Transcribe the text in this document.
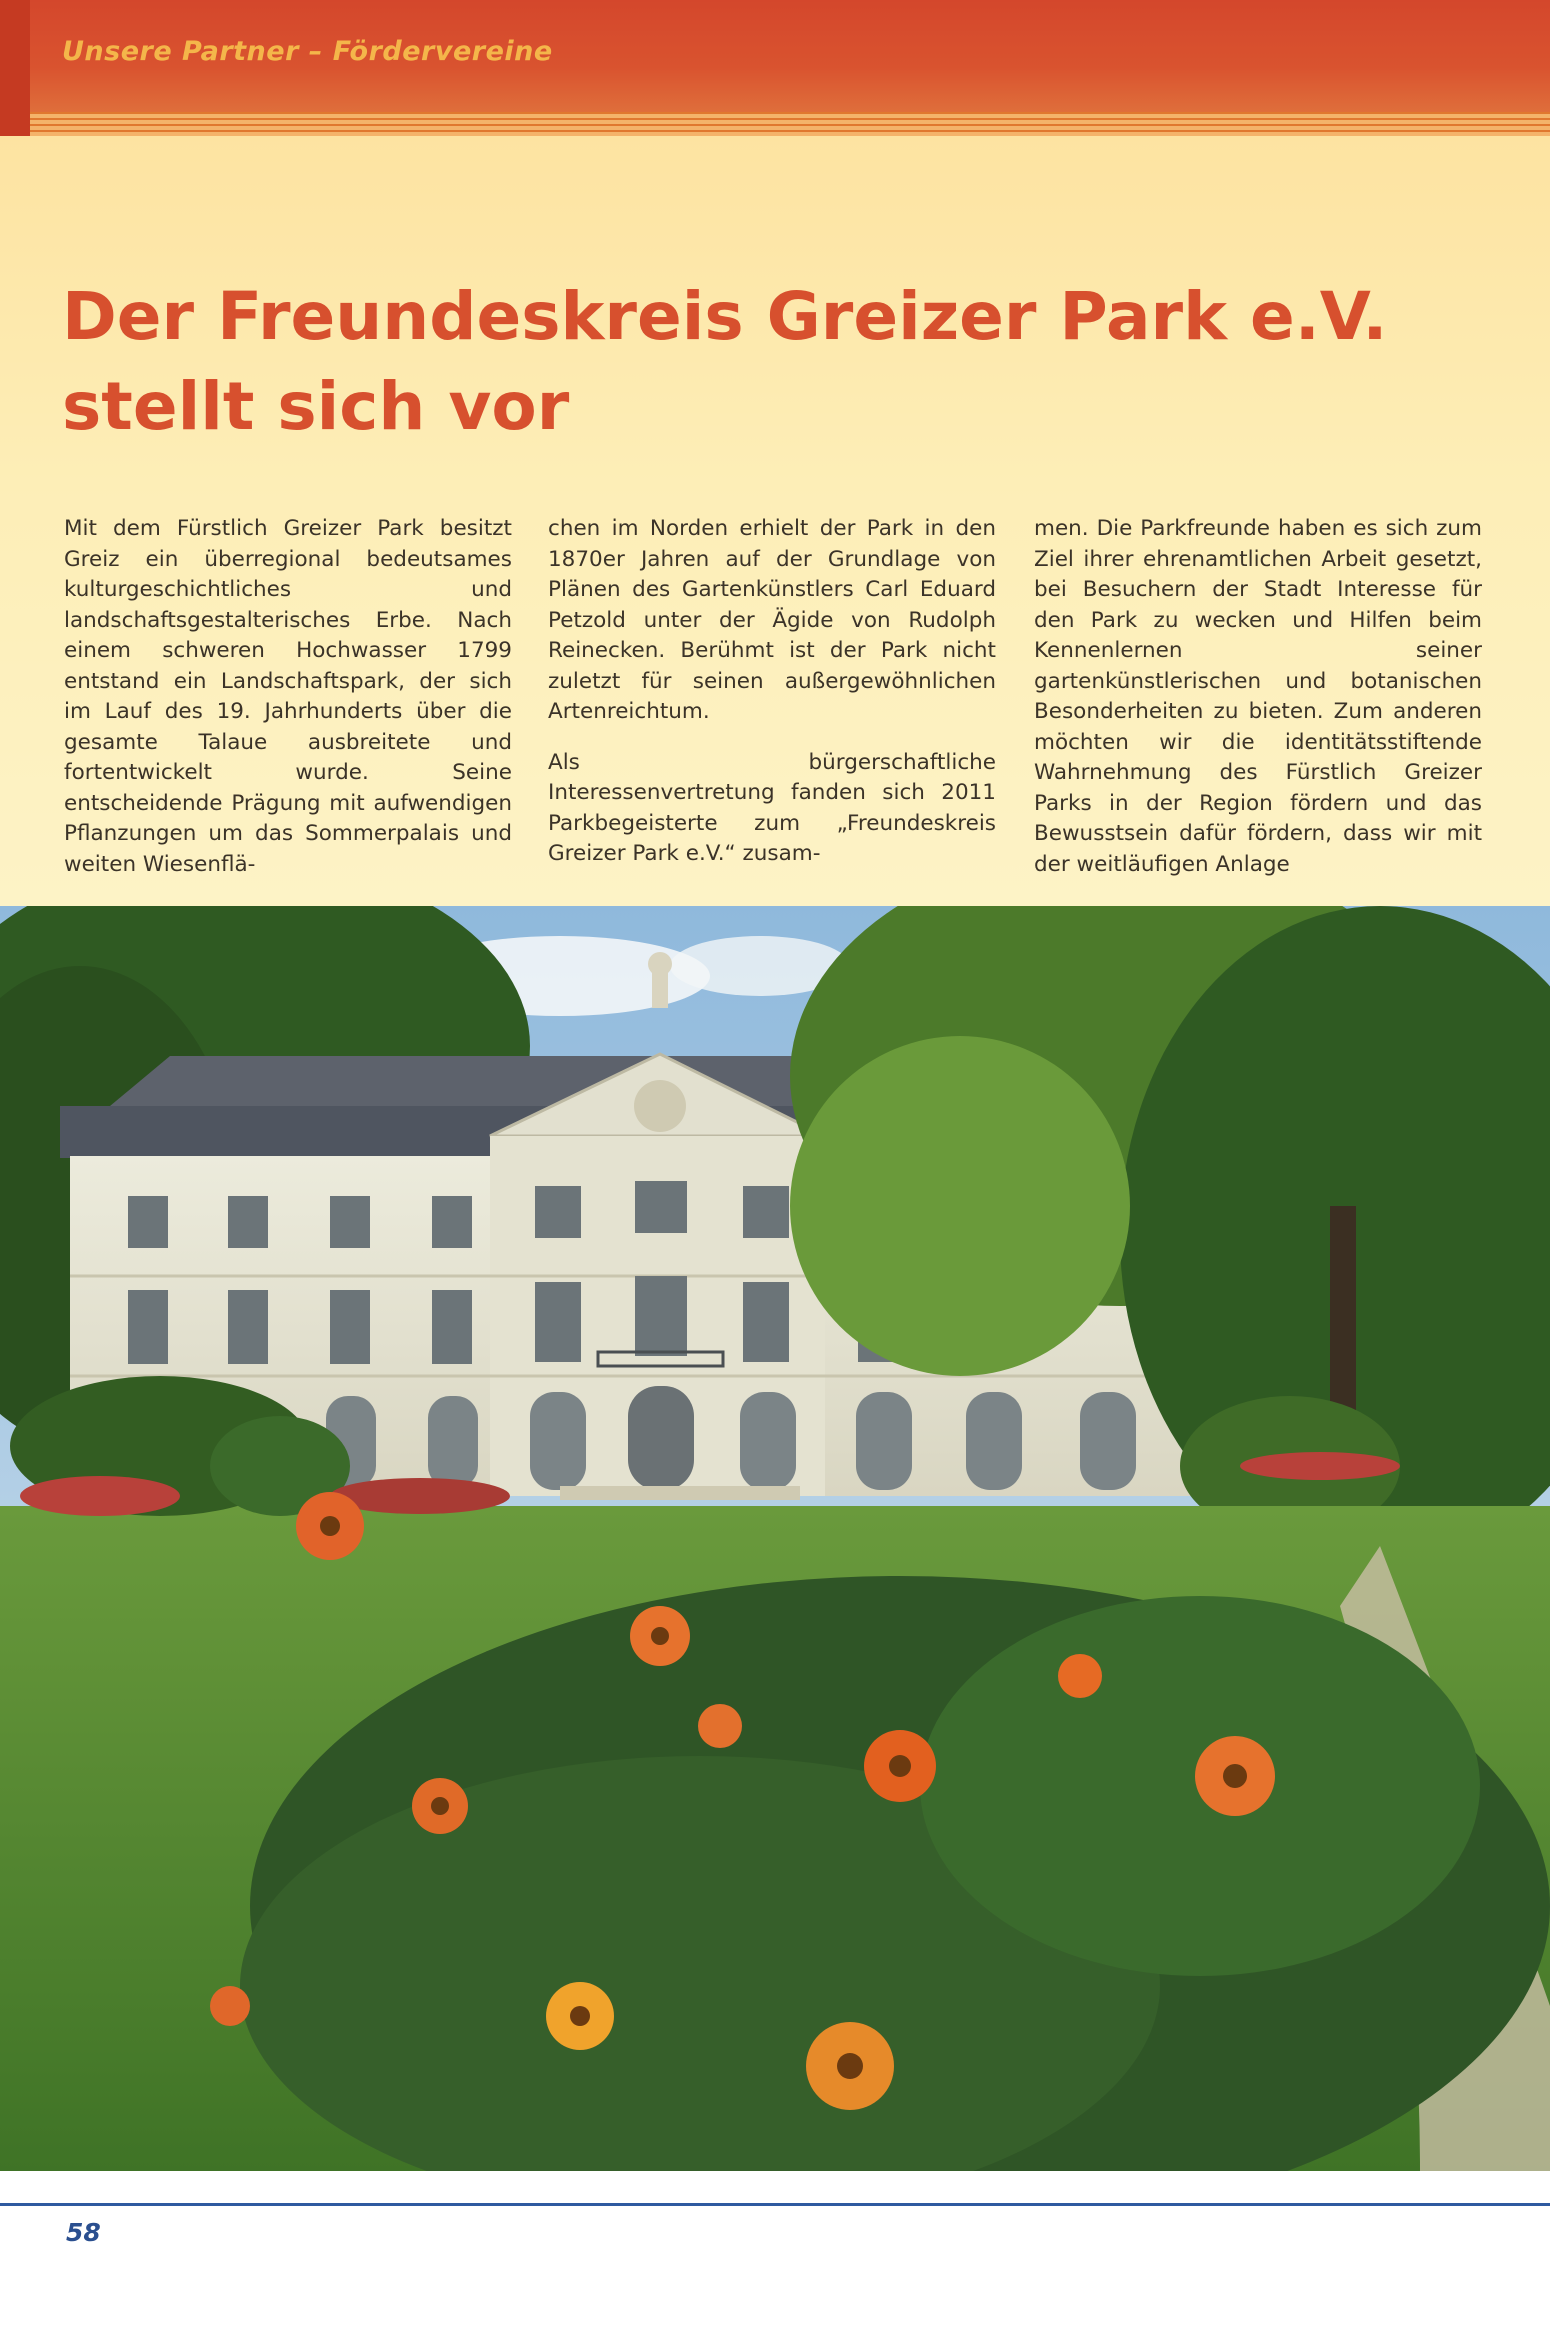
Unsere Partner – Fördervereine
Der Freundeskreis Greizer Park e.V.
stellt sich vor

Mit dem Fürstlich Greizer Park besitzt Greiz ein überregional bedeutsames kulturgeschichtliches und landschaftsgestalterisches Erbe. Nach einem schweren Hochwasser 1799 entstand ein Landschaftspark, der sich im Lauf des 19. Jahrhunderts über die gesamte Talaue ausbreitete und fortentwickelt wurde. Seine entscheidende Prägung mit aufwendigen Pflanzungen um das Sommerpalais und weiten Wiesenflä-

chen im Norden erhielt der Park in den 1870er Jahren auf der Grundlage von Plänen des Gartenkünstlers Carl Eduard Petzold unter der Ägide von Rudolph Reinecken. Berühmt ist der Park nicht zuletzt für seinen außergewöhnlichen Artenreichtum.

Als bürgerschaftliche Interessenvertretung fanden sich 2011 Parkbegeisterte zum „Freundeskreis Greizer Park e.V.“ zusam-

men. Die Parkfreunde haben es sich zum Ziel ihrer ehrenamtlichen Arbeit gesetzt, bei Besuchern der Stadt Interesse für den Park zu wecken und Hilfen beim Kennenlernen seiner gartenkünstlerischen und botanischen Besonderheiten zu bieten. Zum anderen möchten wir die identitätsstiftende Wahrnehmung des Fürstlich Greizer Parks in der Region fördern und das Bewusstsein dafür fördern, dass wir mit der weitläufigen Anlage

58
